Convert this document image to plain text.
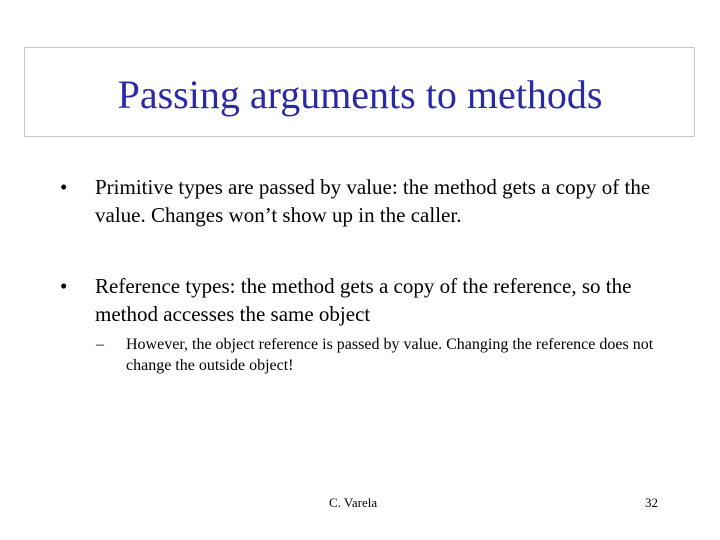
Passing arguments to methods
•	Primitive types are passed by value: the method gets a copy of the value. Changes won’t show up in the caller.
•	Reference types: the method gets a copy of the reference, so the method accesses the same object
– However, the object reference is passed by value. Changing the reference does not change the outside object!
C. Varela	32
